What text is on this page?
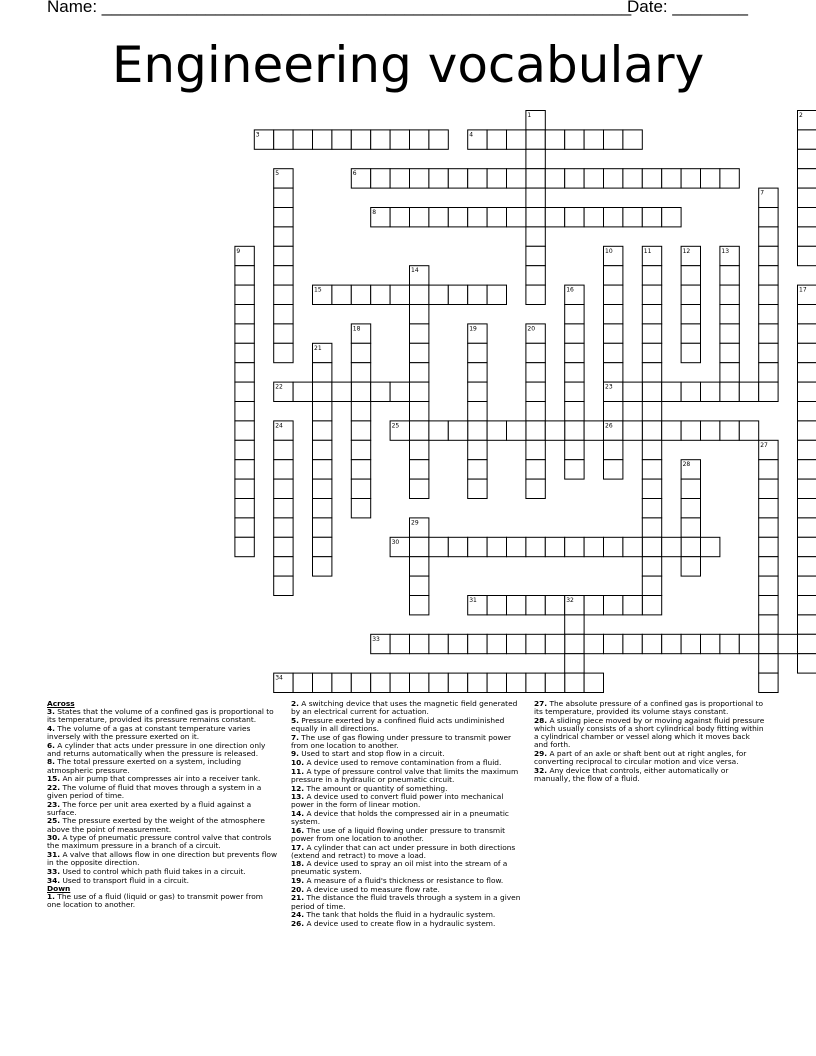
Name: ________________________________________________________
Date: ________
Engineering vocabulary
1	2
3	4
5	6
7
8
9	10	11	12	13
14
15	16	17
18	19	20
21
22	23
24	25	26
27
28
29
30
31	32
33
34

Across

3. States that the volume of a confined gas is proportional to its temperature, provided its pressure remains constant.

4. The volume of a gas at constant temperature varies inversely with the pressure exerted on it.

6. A cylinder that acts under pressure in one direction only and returns automatically when the pressure is released.

8. The total pressure exerted on a system, including atmospheric pressure.

15. An air pump that compresses air into a receiver tank.

22. The volume of fluid that moves through a system in a given period of time.

23. The force per unit area exerted by a fluid against a surface.

25. The pressure exerted by the weight of the atmosphere above the point of measurement.

30. A type of pneumatic pressure control valve that controls the maximum pressure in a branch of a circuit.

31. A valve that allows flow in one direction but prevents flow in the opposite direction.

33. Used to control which path fluid takes in a circuit.

34. Used to transport fluid in a circuit.

Down

1. The use of a fluid (liquid or gas) to transmit power from one location to another.

2. A switching device that uses the magnetic field generated by an electrical current for actuation.

5. Pressure exerted by a confined fluid acts undiminished equally in all directions.

7. The use of gas flowing under pressure to transmit power from one location to another.

9. Used to start and stop flow in a circuit.

10. A device used to remove contamination from a fluid.

11. A type of pressure control valve that limits the maximum pressure in a hydraulic or pneumatic circuit.

12. The amount or quantity of something.

13. A device used to convert fluid power into mechanical power in the form of linear motion.

14. A device that holds the compressed air in a pneumatic system.

16. The use of a liquid flowing under pressure to transmit power from one location to another.

17. A cylinder that can act under pressure in both directions (extend and retract) to move a load.

18. A device used to spray an oil mist into the stream of a pneumatic system.

19. A measure of a fluid's thickness or resistance to flow.

20. A device used to measure flow rate.

21. The distance the fluid travels through a system in a given period of time.

24. The tank that holds the fluid in a hydraulic system.

26. A device used to create flow in a hydraulic system.

27. The absolute pressure of a confined gas is proportional to its temperature, provided its volume stays constant.

28. A sliding piece moved by or moving against fluid pressure which usually consists of a short cylindrical body fitting within a cylindrical chamber or vessel along which it moves back and forth.

29. A part of an axle or shaft bent out at right angles, for converting reciprocal to circular motion and vice versa.

32. Any device that controls, either automatically or manually, the flow of a fluid.
